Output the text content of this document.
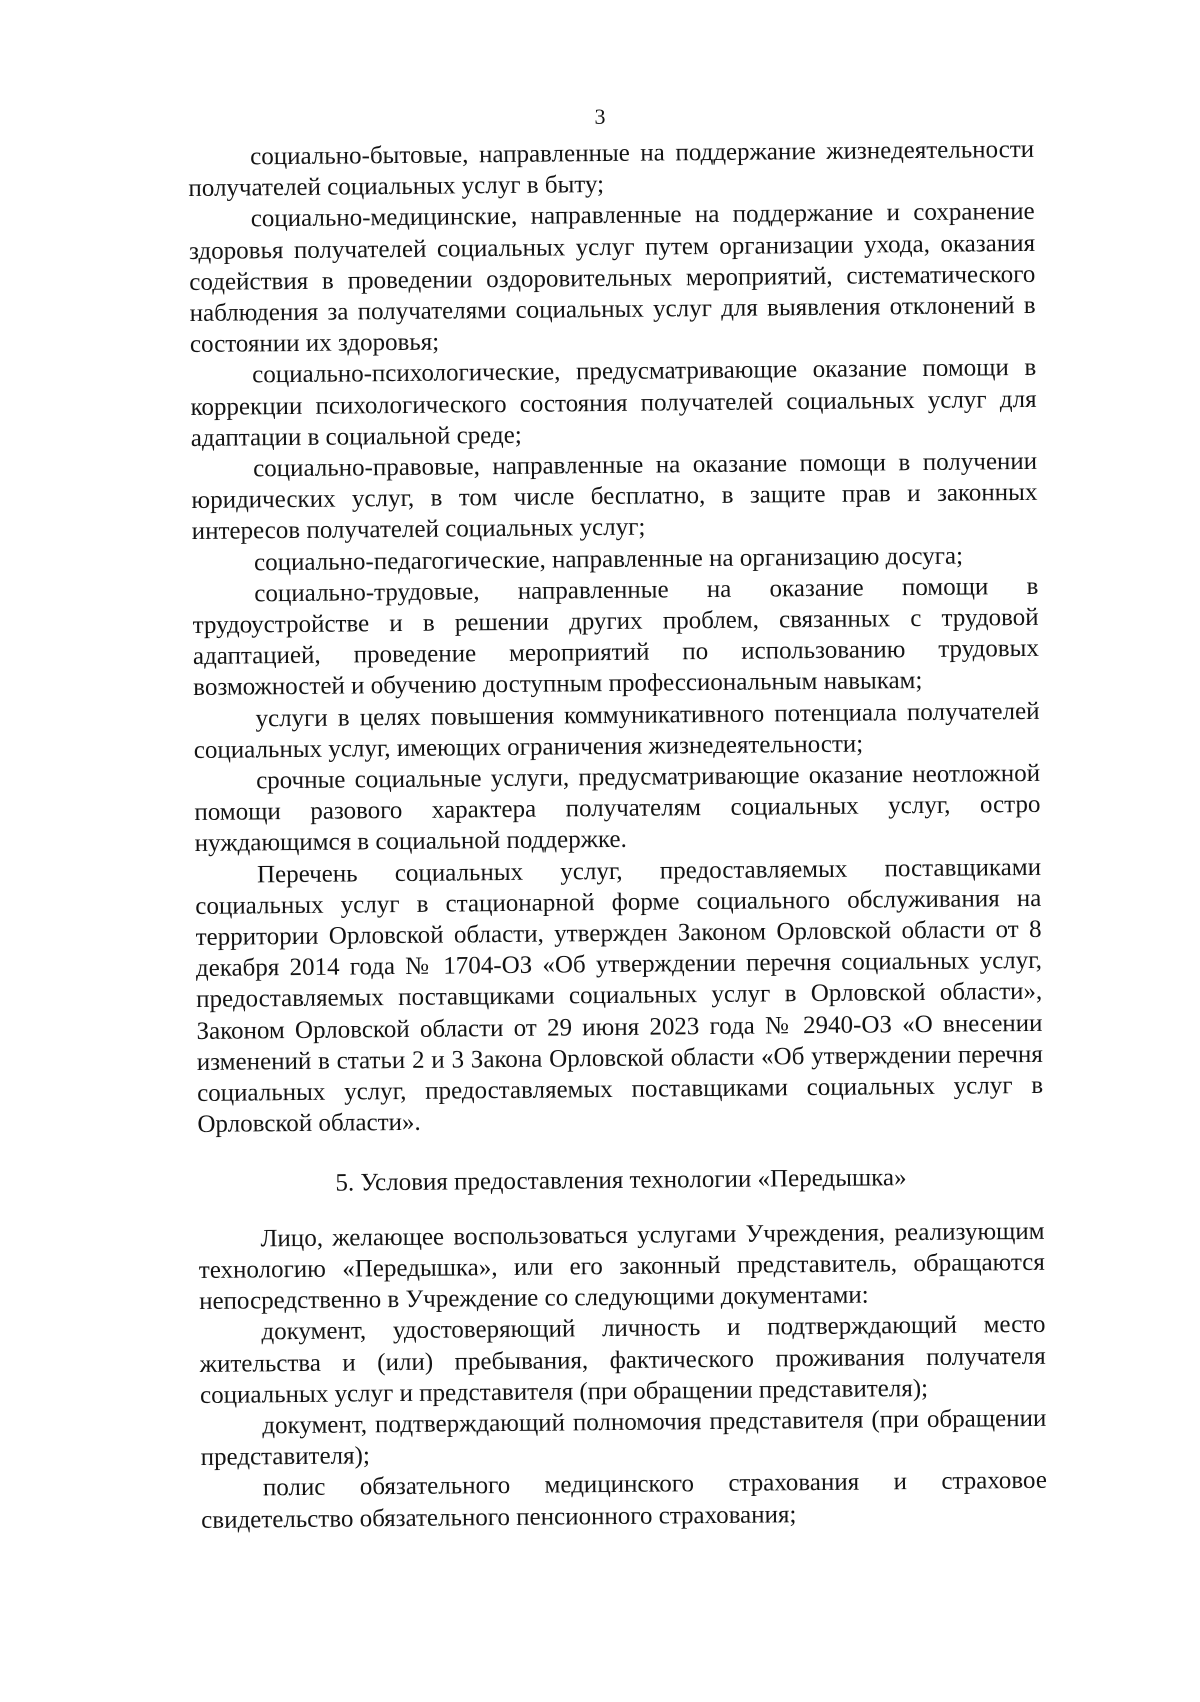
3

социально-бытовые, направленные на поддержание жизнедеятельности получателей социальных услуг в быту;

социально-медицинские, направленные на поддержание и сохранение здоровья получателей социальных услуг путем организации ухода, оказания содействия в проведении оздоровительных мероприятий, систематического наблюдения за получателями социальных услуг для выявления отклонений в состоянии их здоровья;

социально-психологические, предусматривающие оказание помощи в коррекции психологического состояния получателей социальных услуг для адаптации в социальной среде;

социально-правовые, направленные на оказание помощи в получении юридических услуг, в том числе бесплатно, в защите прав и законных интересов получателей социальных услуг;

социально-педагогические, направленные на организацию досуга;

социально-трудовые, направленные на оказание помощи в трудоустройстве и в решении других проблем, связанных с трудовой адаптацией, проведение мероприятий по использованию трудовых возможностей и обучению доступным профессиональным навыкам;

услуги в целях повышения коммуникативного потенциала получателей социальных услуг, имеющих ограничения жизнедеятельности;

срочные социальные услуги, предусматривающие оказание неотложной помощи разового характера получателям социальных услуг, остро нуждающимся в социальной поддержке.

Перечень социальных услуг, предоставляемых поставщиками социальных услуг в стационарной форме социального обслуживания на территории Орловской области, утвержден Законом Орловской области от 8 декабря 2014 года № 1704-ОЗ «Об утверждении перечня социальных услуг, предоставляемых поставщиками социальных услуг в Орловской области», Законом Орловской области от 29 июня 2023 года № 2940-ОЗ «О внесении изменений в статьи 2 и 3 Закона Орловской области «Об утверждении перечня социальных услуг, предоставляемых поставщиками социальных услуг в Орловской области».

5. Условия предоставления технологии «Передышка»

Лицо, желающее воспользоваться услугами Учреждения, реализующим технологию «Передышка», или его законный представитель, обращаются непосредственно в Учреждение со следующими документами:

документ, удостоверяющий личность и подтверждающий место жительства и (или) пребывания, фактического проживания получателя социальных услуг и представителя (при обращении представителя);

документ, подтверждающий полномочия представителя (при обращении представителя);

полис обязательного медицинского страхования и страховое свидетельство обязательного пенсионного страхования;
